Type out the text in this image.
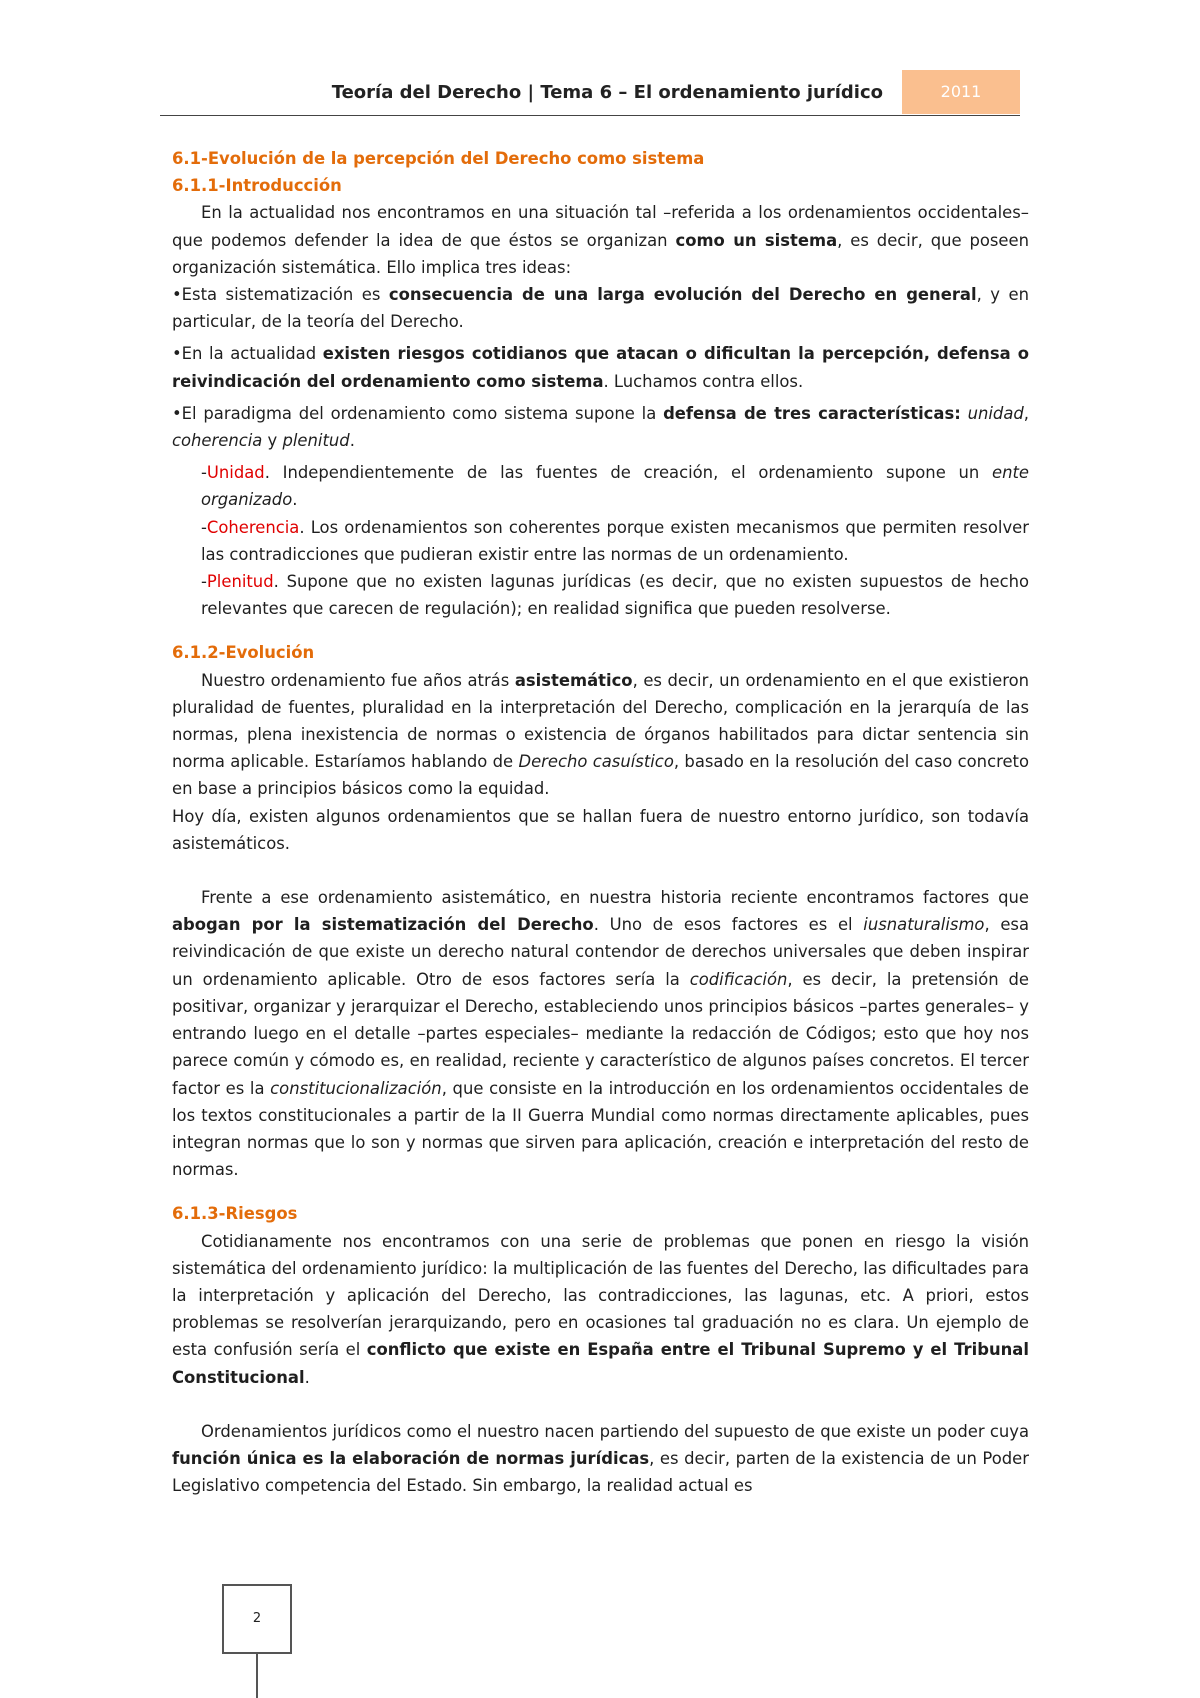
Teoría del Derecho | Tema 6 – El ordenamiento jurídico	2011

6.1-Evolución de la percepción del Derecho como sistema

6.1.1-Introducción

En la actualidad nos encontramos en una situación tal –referida a los ordenamientos occidentales– que podemos defender la idea de que éstos se organizan como un sistema, es decir, que poseen organización sistemática. Ello implica tres ideas:

•Esta sistematización es consecuencia de una larga evolución del Derecho en general, y en particular, de la teoría del Derecho.

•En la actualidad existen riesgos cotidianos que atacan o dificultan la percepción, defensa o reivindicación del ordenamiento como sistema. Luchamos contra ellos.

•El paradigma del ordenamiento como sistema supone la defensa de tres características: unidad, coherencia y plenitud.

-Unidad. Independientemente de las fuentes de creación, el ordenamiento supone un ente organizado.

-Coherencia. Los ordenamientos son coherentes porque existen mecanismos que permiten resolver las contradicciones que pudieran existir entre las normas de un ordenamiento.

-Plenitud. Supone que no existen lagunas jurídicas (es decir, que no existen supuestos de hecho relevantes que carecen de regulación); en realidad significa que pueden resolverse.

6.1.2-Evolución

Nuestro ordenamiento fue años atrás asistemático, es decir, un ordenamiento en el que existieron pluralidad de fuentes, pluralidad en la interpretación del Derecho, complicación en la jerarquía de las normas, plena inexistencia de normas o existencia de órganos habilitados para dictar sentencia sin norma aplicable. Estaríamos hablando de Derecho casuístico, basado en la resolución del caso concreto en base a principios básicos como la equidad.

Hoy día, existen algunos ordenamientos que se hallan fuera de nuestro entorno jurídico, son todavía asistemáticos.

Frente a ese ordenamiento asistemático, en nuestra historia reciente encontramos factores que abogan por la sistematización del Derecho. Uno de esos factores es el iusnaturalismo, esa reivindicación de que existe un derecho natural contendor de derechos universales que deben inspirar un ordenamiento aplicable. Otro de esos factores sería la codificación, es decir, la pretensión de positivar, organizar y jerarquizar el Derecho, estableciendo unos principios básicos –partes generales– y entrando luego en el detalle –partes especiales– mediante la redacción de Códigos; esto que hoy nos parece común y cómodo es, en realidad, reciente y característico de algunos países concretos. El tercer factor es la constitucionalización, que consiste en la introducción en los ordenamientos occidentales de los textos constitucionales a partir de la II Guerra Mundial como normas directamente aplicables, pues integran normas que lo son y normas que sirven para aplicación, creación e interpretación del resto de normas.

6.1.3-Riesgos

Cotidianamente nos encontramos con una serie de problemas que ponen en riesgo la visión sistemática del ordenamiento jurídico: la multiplicación de las fuentes del Derecho, las dificultades para la interpretación y aplicación del Derecho, las contradicciones, las lagunas, etc. A priori, estos problemas se resolverían jerarquizando, pero en ocasiones tal graduación no es clara. Un ejemplo de esta confusión sería el conflicto que existe en España entre el Tribunal Supremo y el Tribunal Constitucional.

Ordenamientos jurídicos como el nuestro nacen partiendo del supuesto de que existe un poder cuya función única es la elaboración de normas jurídicas, es decir, parten de la existencia de un Poder Legislativo competencia del Estado. Sin embargo, la realidad actual es

2
